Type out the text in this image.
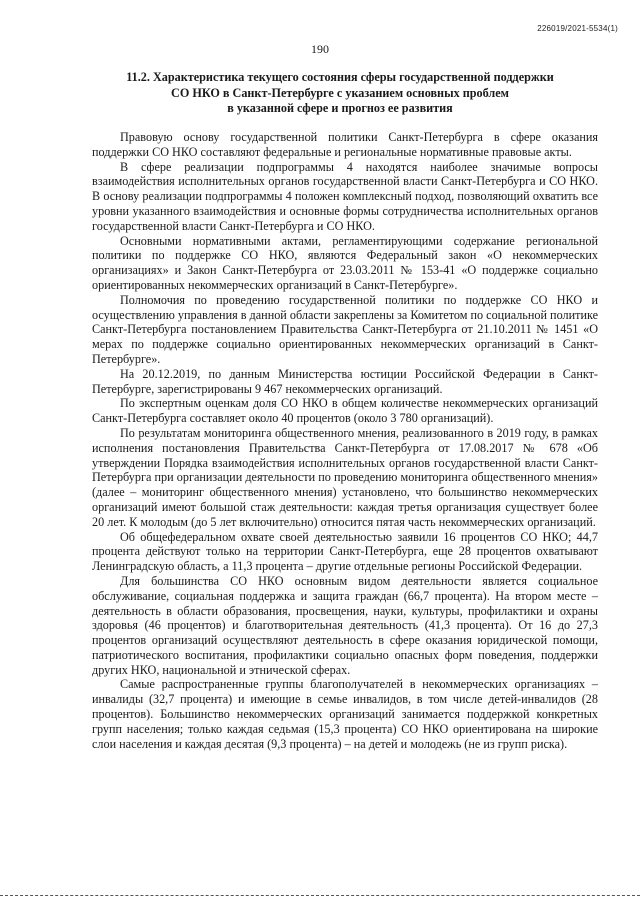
226019/2021-5534(1)
190
11.2. Характеристика текущего состояния сферы государственной поддержки
СО НКО в Санкт-Петербурге с указанием основных проблем
в указанной сфере и прогноз ее развития

Правовую основу государственной политики Санкт-Петербурга в сфере оказания поддержки СО НКО составляют федеральные и региональные нормативные правовые акты.

В сфере реализации подпрограммы 4 находятся наиболее значимые вопросы взаимодействия исполнительных органов государственной власти Санкт-Петербурга и СО НКО. В основу реализации подпрограммы 4 положен комплексный подход, позволяющий охватить все уровни указанного взаимодействия и основные формы сотрудничества исполнительных органов государственной власти Санкт-Петербурга и СО НКО.

Основными нормативными актами, регламентирующими содержание региональной политики по поддержке СО НКО, являются Федеральный закон «О некоммерческих организациях» и Закон Санкт-Петербурга от 23.03.2011 № 153-41 «О поддержке социально ориентированных некоммерческих организаций в Санкт-Петербурге».

Полномочия по проведению государственной политики по поддержке СО НКО и осуществлению управления в данной области закреплены за Комитетом по социальной политике Санкт-Петербурга постановлением Правительства Санкт-Петербурга от 21.10.2011 № 1451 «О мерах по поддержке социально ориентированных некоммерческих организаций в Санкт-Петербурге».

На 20.12.2019, по данным Министерства юстиции Российской Федерации в Санкт-Петербурге, зарегистрированы 9 467 некоммерческих организаций.

По экспертным оценкам доля СО НКО в общем количестве некоммерческих организаций Санкт-Петербурга составляет около 40 процентов (около 3 780 организаций).

По результатам мониторинга общественного мнения, реализованного в 2019 году, в рамках исполнения постановления Правительства Санкт-Петербурга от 17.08.2017 № 678 «Об утверждении Порядка взаимодействия исполнительных органов государственной власти Санкт-Петербурга при организации деятельности по проведению мониторинга общественного мнения» (далее – мониторинг общественного мнения) установлено, что большинство некоммерческих организаций имеют большой стаж деятельности: каждая третья организация существует более 20 лет. К молодым (до 5 лет включительно) относится пятая часть некоммерческих организаций.

Об общефедеральном охвате своей деятельностью заявили 16 процентов СО НКО; 44,7 процента действуют только на территории Санкт-Петербурга, еще 28 процентов охватывают Ленинградскую область, а 11,3 процента – другие отдельные регионы Российской Федерации.

Для большинства СО НКО основным видом деятельности является социальное обслуживание, социальная поддержка и защита граждан (66,7 процента). На втором месте – деятельность в области образования, просвещения, науки, культуры, профилактики и охраны здоровья (46 процентов) и благотворительная деятельность (41,3 процента). От 16 до 27,3 процентов организаций осуществляют деятельность в сфере оказания юридической помощи, патриотического воспитания, профилактики социально опасных форм поведения, поддержки других НКО, национальной и этнической сферах.

Самые распространенные группы благополучателей в некоммерческих организациях – инвалиды (32,7 процента) и имеющие в семье инвалидов, в том числе детей-инвалидов (28 процентов). Большинство некоммерческих организаций занимается поддержкой конкретных групп населения; только каждая седьмая (15,3 процента) СО НКО ориентирована на широкие слои населения и каждая десятая (9,3 процента) – на детей и молодежь (не из групп риска).
